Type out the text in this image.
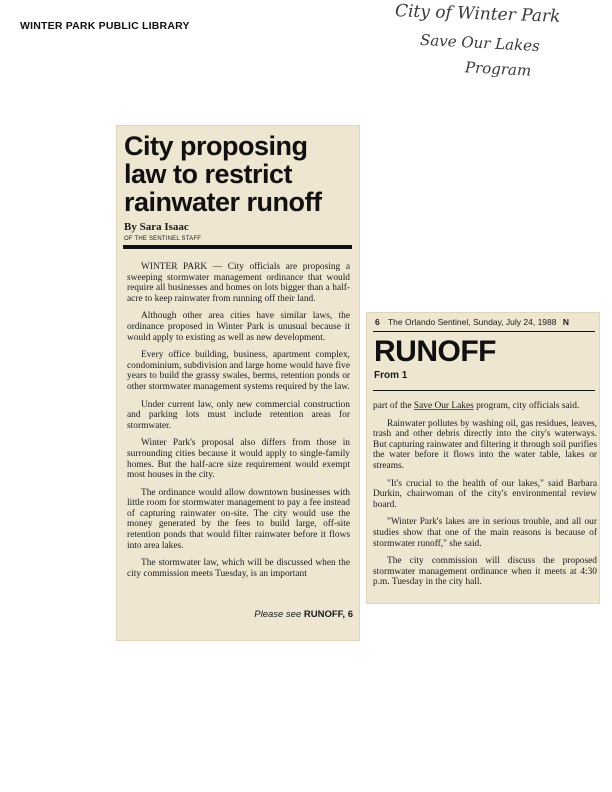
WINTER PARK PUBLIC LIBRARY	City of Winter Park
Save Our Lakes
Program
City proposing law to restrict rainwater runoff
By Sara Isaac
OF THE SENTINEL STAFF

WINTER PARK — City officials are proposing a sweeping stormwater management ordinance that would require all businesses and homes on lots bigger than a half-acre to keep rainwater from running off their land.

Although other area cities have similar laws, the ordinance proposed in Winter Park is unusual because it would apply to existing as well as new development.

Every office building, business, apartment complex, condominium, subdivision and large home would have five years to build the grassy swales, berms, retention ponds or other stormwater management systems required by the law.

Under current law, only new commercial construction and parking lots must include retention areas for stormwater.

Winter Park's proposal also differs from those in surrounding cities because it would apply to single-family homes. But the half-acre size requirement would exempt most houses in the city.

The ordinance would allow downtown businesses with little room for stormwater management to pay a fee instead of capturing rainwater on-site. The city would use the money generated by the fees to build large, off-site retention ponds that would filter rainwater before it flows into area lakes.

The stormwater law, which will be discussed when the city commission meets Tuesday, is an important

Please see RUNOFF, 6
6 The Orlando Sentinel, Sunday, July 24, 1988 N
RUNOFF
From 1

part of the Save Our Lakes program, city officials said.

Rainwater pollutes by washing oil, gas residues, leaves, trash and other debris directly into the city's waterways. But capturing rainwater and filtering it through soil purifies the water before it flows into the water table, lakes or streams.

"It's crucial to the health of our lakes," said Barbara Durkin, chairwoman of the city's environmental review board.

"Winter Park's lakes are in serious trouble, and all our studies show that one of the main reasons is because of stormwater runoff," she said.

The city commission will discuss the proposed stormwater management ordinance when it meets at 4:30 p.m. Tuesday in the city hall.
